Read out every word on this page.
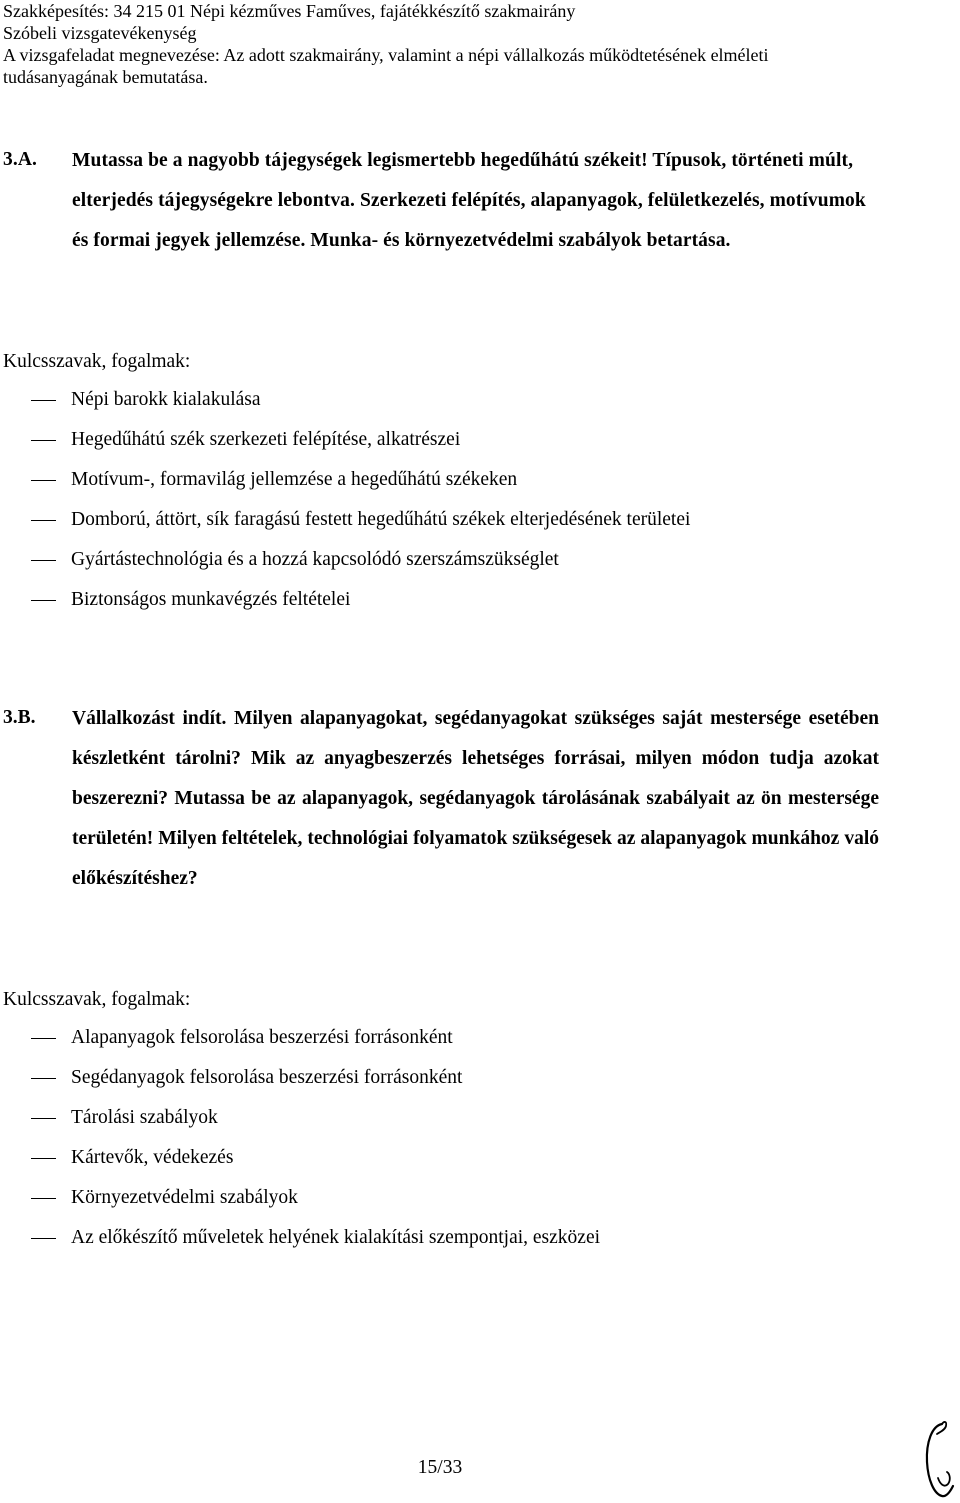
Szakképesítés: 34 215 01 Népi kézműves Faműves, fajátékkészítő szakmairány
Szóbeli vizsgatevékenység
A vizsgafeladat megnevezése: Az adott szakmairány, valamint a népi vállalkozás működtetésének elméleti
tudásanyagának bemutatása.
3.A. Mutassa be a nagyobb tájegységek legismertebb hegedűhátú székeit! Típusok, történeti múlt, elterjedés tájegységekre lebontva. Szerkezeti felépítés, alapanyagok, felületkezelés, motívumok és formai jegyek jellemzése. Munka- és környezetvédelmi szabályok betartása.
Kulcsszavak, fogalmak:
Népi barokk kialakulása
Hegedűhátú szék szerkezeti felépítése, alkatrészei
Motívum-, formavilág jellemzése a hegedűhátú székeken
Domború, áttört, sík faragású festett hegedűhátú székek elterjedésének területei
Gyártástechnológia és a hozzá kapcsolódó szerszámszükséglet
Biztonságos munkavégzés feltételei
3.B. Vállalkozást indít. Milyen alapanyagokat, segédanyagokat szükséges saját mestersége esetében készletként tárolni? Mik az anyagbeszerzés lehetséges forrásai, milyen módon tudja azokat beszerezni? Mutassa be az alapanyagok, segédanyagok tárolásának szabályait az ön mestersége területén! Milyen feltételek, technológiai folyamatok szükségesek az alapanyagok munkához való előkészítéshez?
Kulcsszavak, fogalmak:
Alapanyagok felsorolása beszerzési forrásonként
Segédanyagok felsorolása beszerzési forrásonként
Tárolási szabályok
Kártevők, védekezés
Környezetvédelmi szabályok
Az előkészítő műveletek helyének kialakítási szempontjai, eszközei
15/33
